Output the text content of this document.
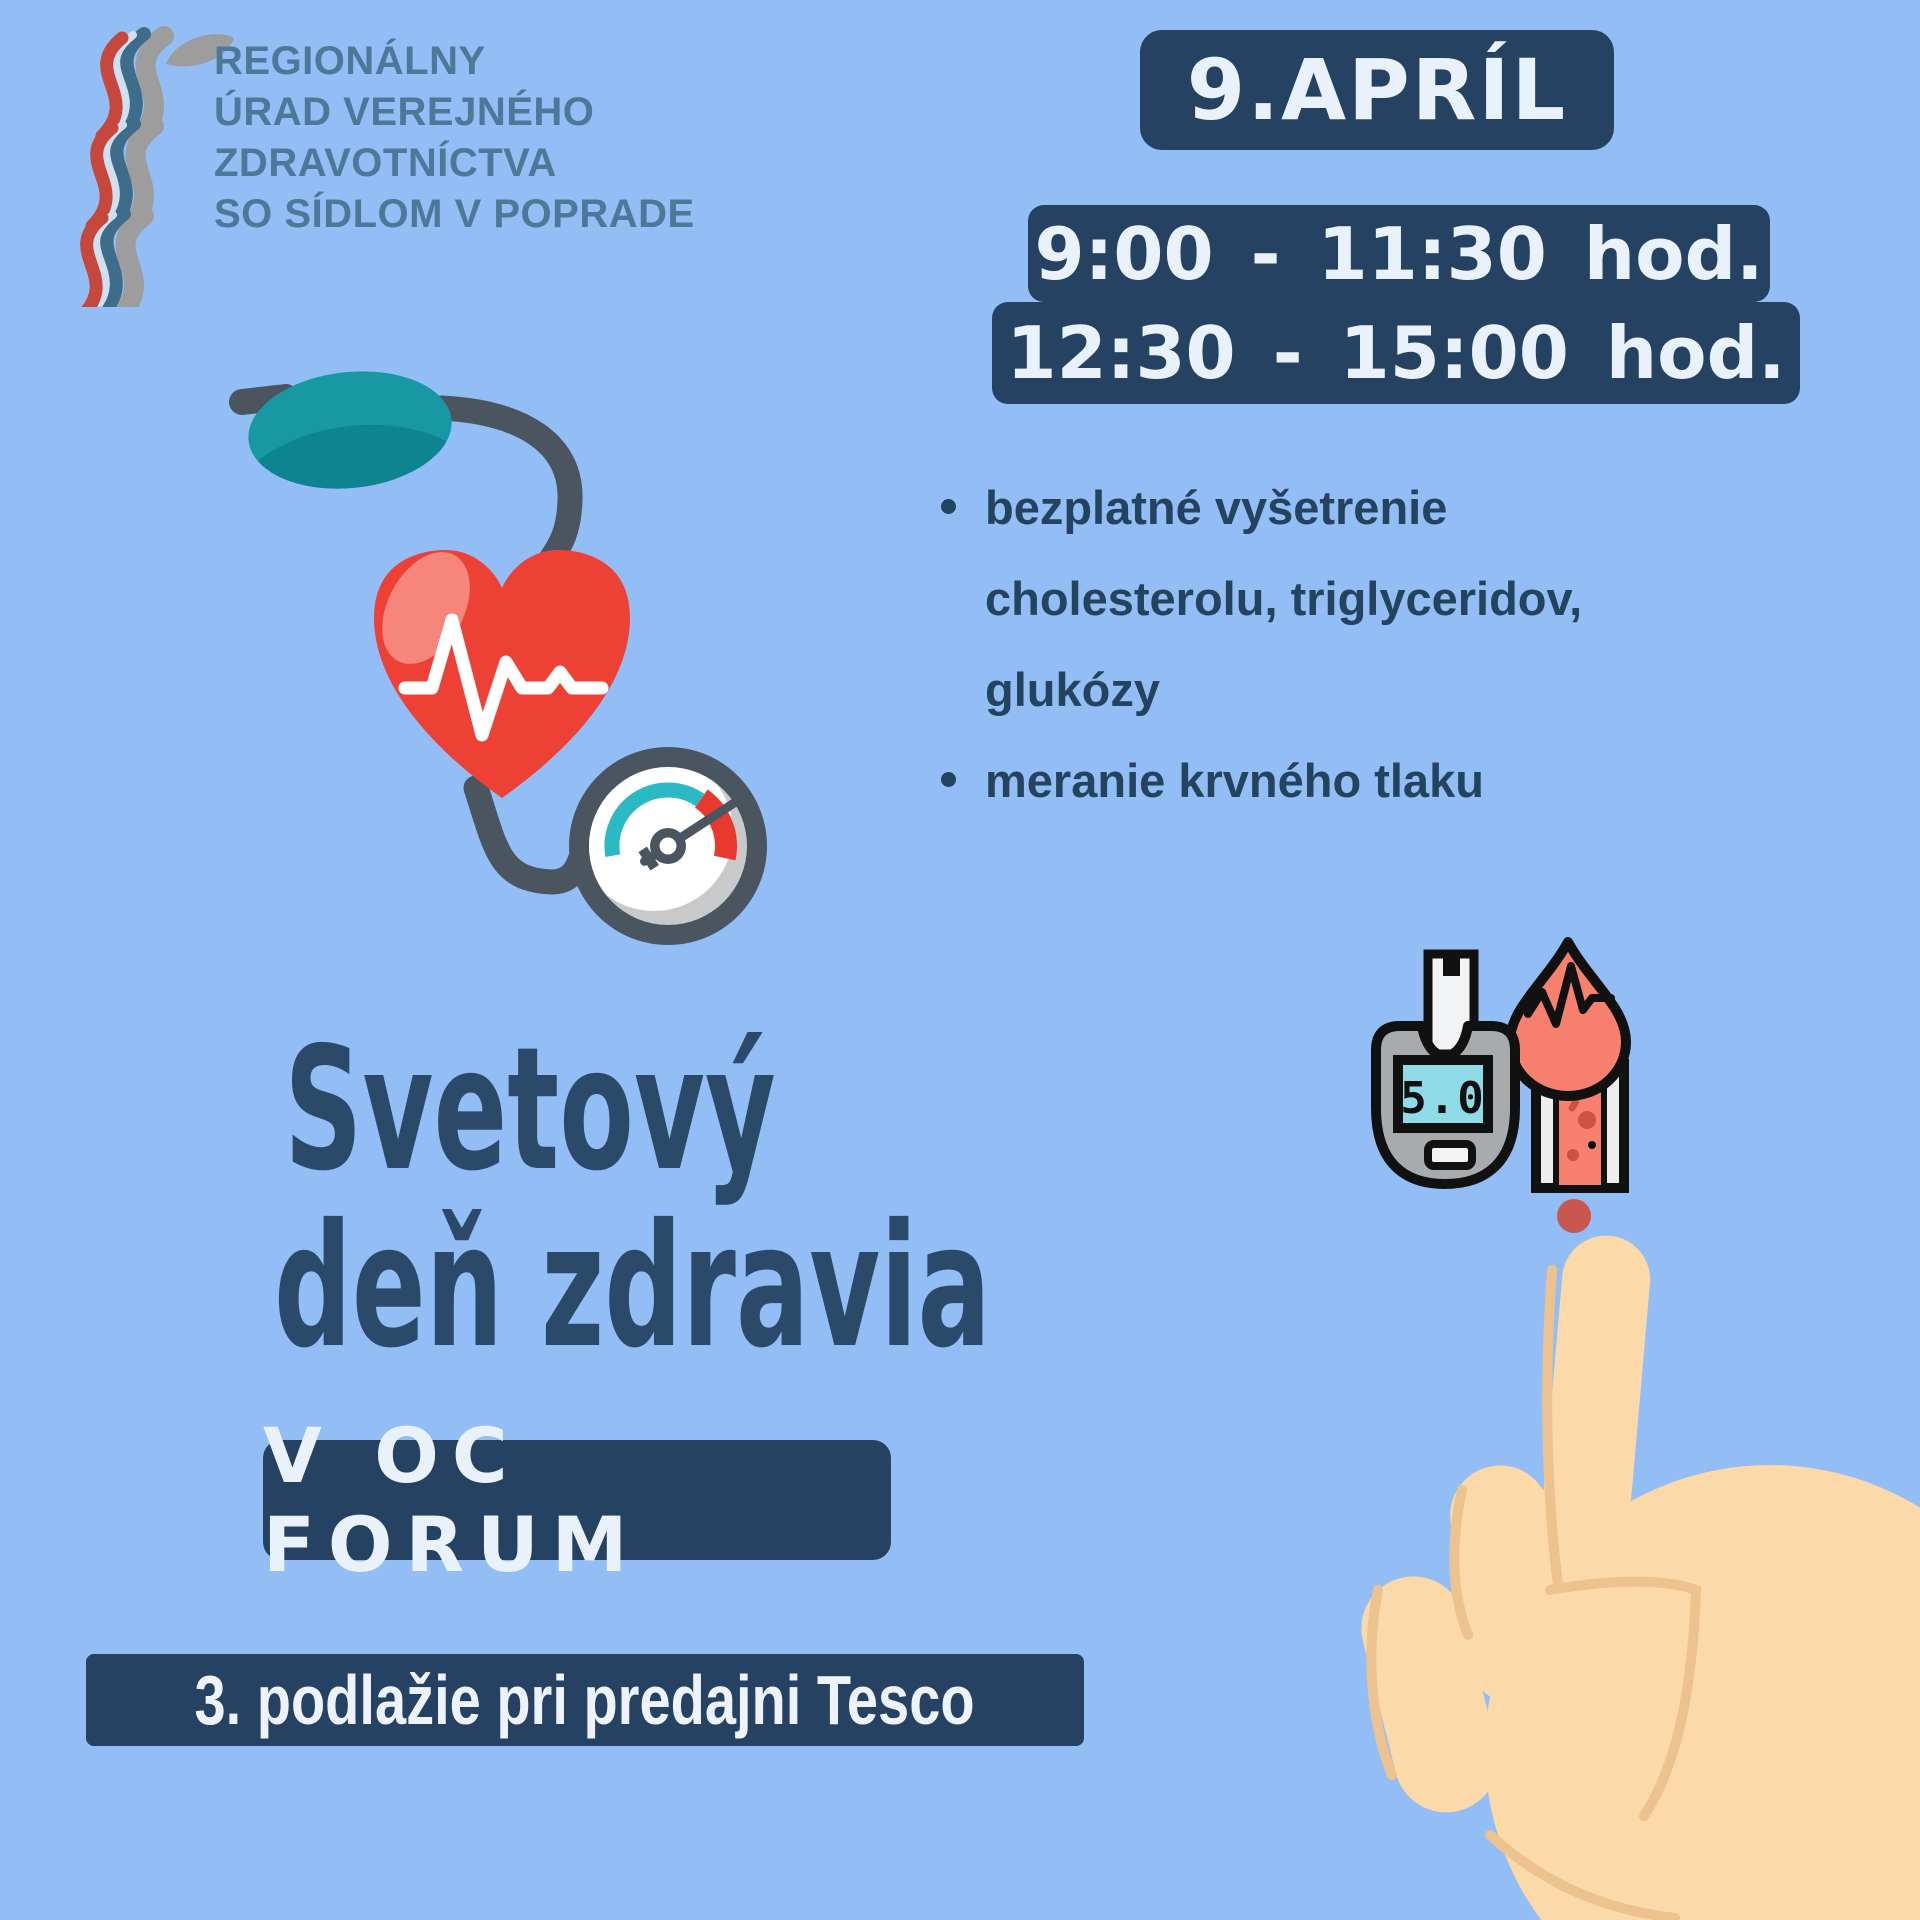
REGIONÁLNY
ÚRAD VEREJNÉHO
ZDRAVOTNÍCTVA
SO SÍDLOM V POPRADE
9.APRÍL
9:00 - 11:30 hod.
12:30 - 15:00 hod.
bezplatné vyšetrenie cholesterolu, triglyceridov, glukózy
meranie krvného tlaku
Svetový
deň zdravia
V OC FORUM
3. podlažie pri predajni Tesco
5.0
